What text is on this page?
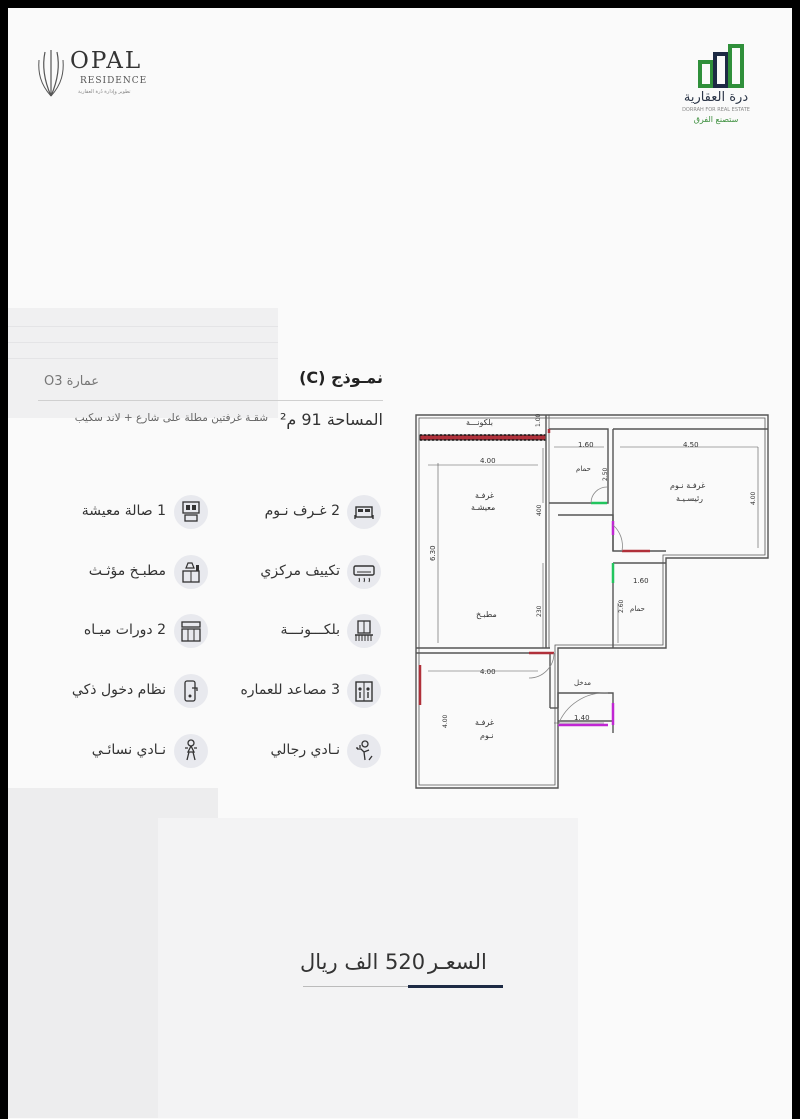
OPAL
RESIDENCE
تطوير وإدارة دُرة العقارية	درة العقارية
DORRAH FOR REAL ESTATE
ستصنع الفرق
نمـوذج (C)
عمارة O3
المساحة 91 م²
شقـة غرفتين مطلة على شارع + لاند سكيب
2 غـرف نـوم
تكييف مركزي
بلكـــونـــة
3 مصاعد للعماره
نـادي رجالي
1 صالة معيشة
مطبـخ مؤثـث
2 دورات ميـاه
نظام دخول ذكي
نـادي نسائـي
بلكونـــة	1.00
4.00
غرفـة
معيشـة	400
6.30
مطبـخ	230
1.60
حمام 2.50
4.50
غرفـة نـوم
رئيسـيـة	4.00
1.60
حمام
2.60
4.00
غرفـة
نـوم
4.00
مدخل
1.40
السعـر
520 الف ريال
